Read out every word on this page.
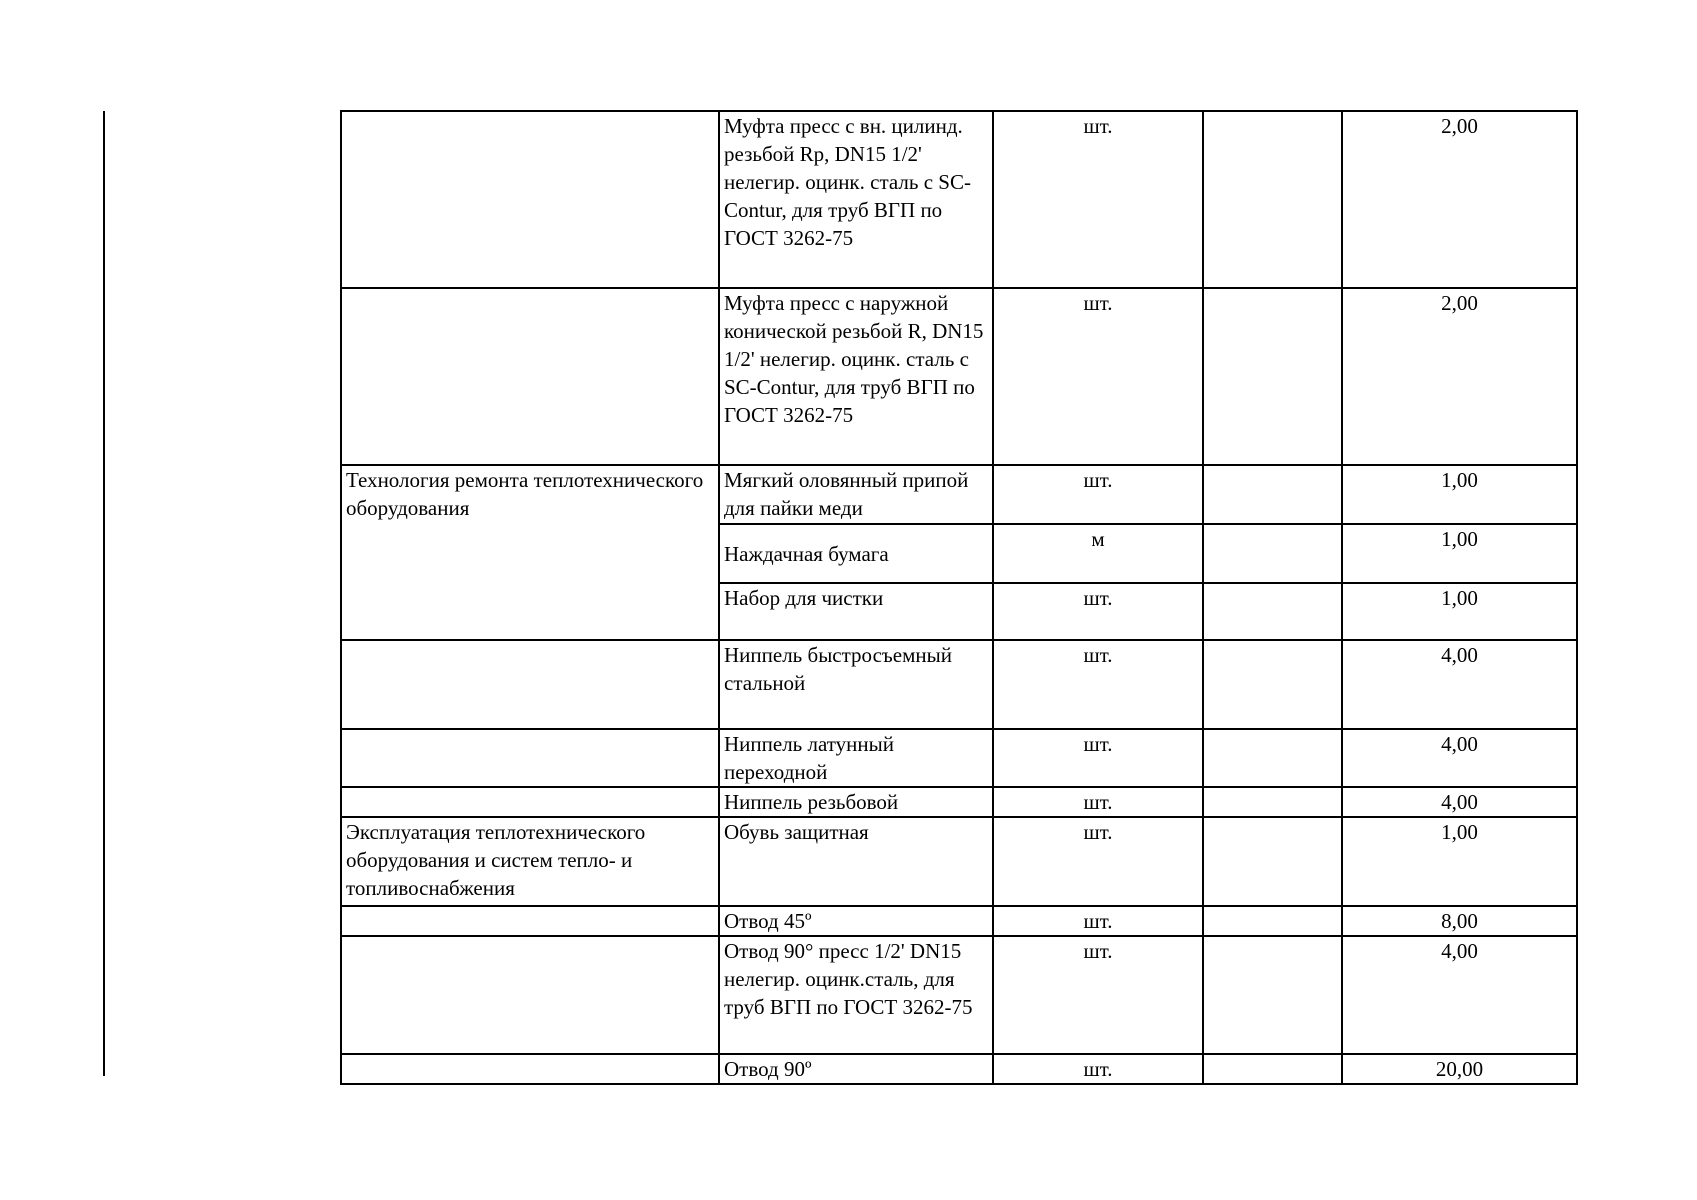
	Муфта пресс с вн. цилинд. резьбой Rp, DN15 1/2' нелегир. оцинк. сталь с SC-Contur, для труб ВГП по ГОСТ 3262-75	шт.		2,00
	Муфта пресс с наружной конической резьбой R, DN15 1/2' нелегир. оцинк. сталь с SC-Contur, для труб ВГП по ГОСТ 3262-75	шт.		2,00
Технология ремонта теплотехнического оборудования	Мягкий оловянный припой для пайки меди	шт.		1,00
	Наждачная бумага	м		1,00
	Набор для чистки	шт.		1,00
	Ниппель быстросъемный стальной	шт.		4,00
	Ниппель латунный переходной	шт.		4,00
	Ниппель резьбовой	шт.		4,00
Эксплуатация теплотехнического оборудования и систем тепло- и топливоснабжения	Обувь защитная	шт.		1,00
	Отвод 45º	шт.		8,00
	Отвод 90° пресс 1/2' DN15 нелегир. оцинк.сталь, для труб ВГП по ГОСТ 3262-75	шт.		4,00
	Отвод 90º	шт.		20,00
